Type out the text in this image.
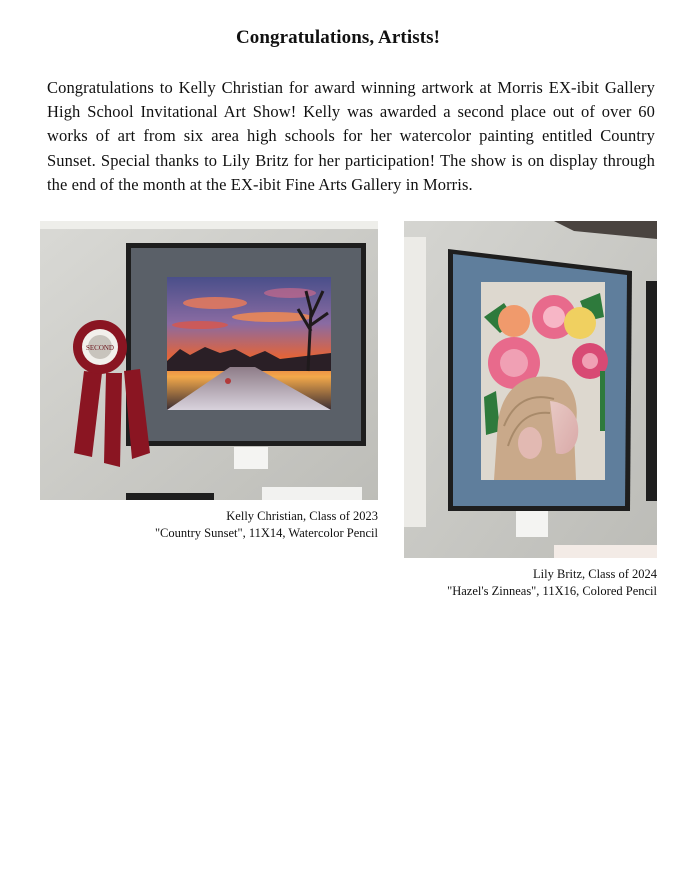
Congratulations, Artists!
Congratulations to Kelly Christian for award winning artwork at Morris EX-ibit Gallery High School Invitational Art Show! Kelly was awarded a second place out of over 60 works of art from six area high schools for her watercolor painting entitled Country Sunset. Special thanks to Lily Britz for her participation! The show is on display through the end of the month at the EX-ibit Fine Arts Gallery in Morris.
SECOND
Kelly Christian, Class of 2023
"Country Sunset", 11X14, Watercolor Pencil
Lily Britz, Class of 2024
"Hazel's Zinneas", 11X16, Colored Pencil
